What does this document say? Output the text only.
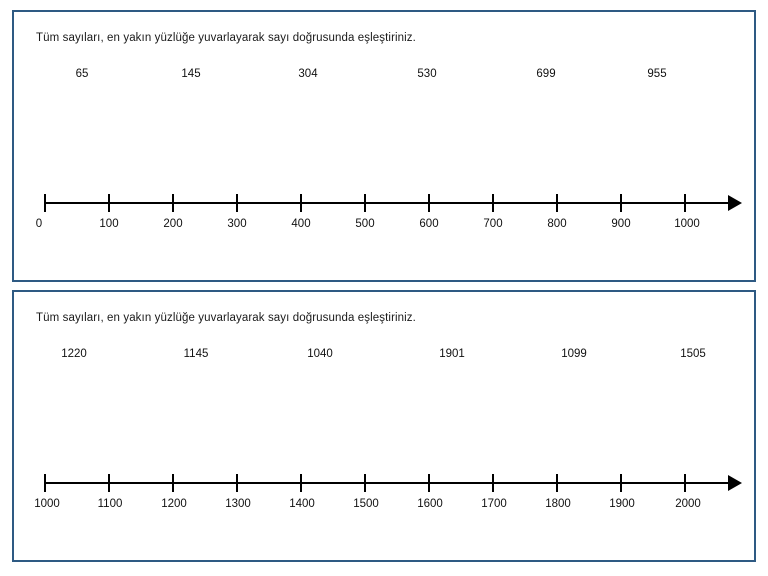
Tüm sayıları, en yakın yüzlüğe yuvarlayarak sayı doğrusunda eşleştiriniz.
65	145	304	530	699	955
0	100	200	300	400	500	600	700	800	900	1000
Tüm sayıları, en yakın yüzlüğe yuvarlayarak sayı doğrusunda eşleştiriniz.
1220	1145	1040	1901	1099	1505
1000	1100	1200	1300	1400	1500	1600	1700	1800	1900	2000
